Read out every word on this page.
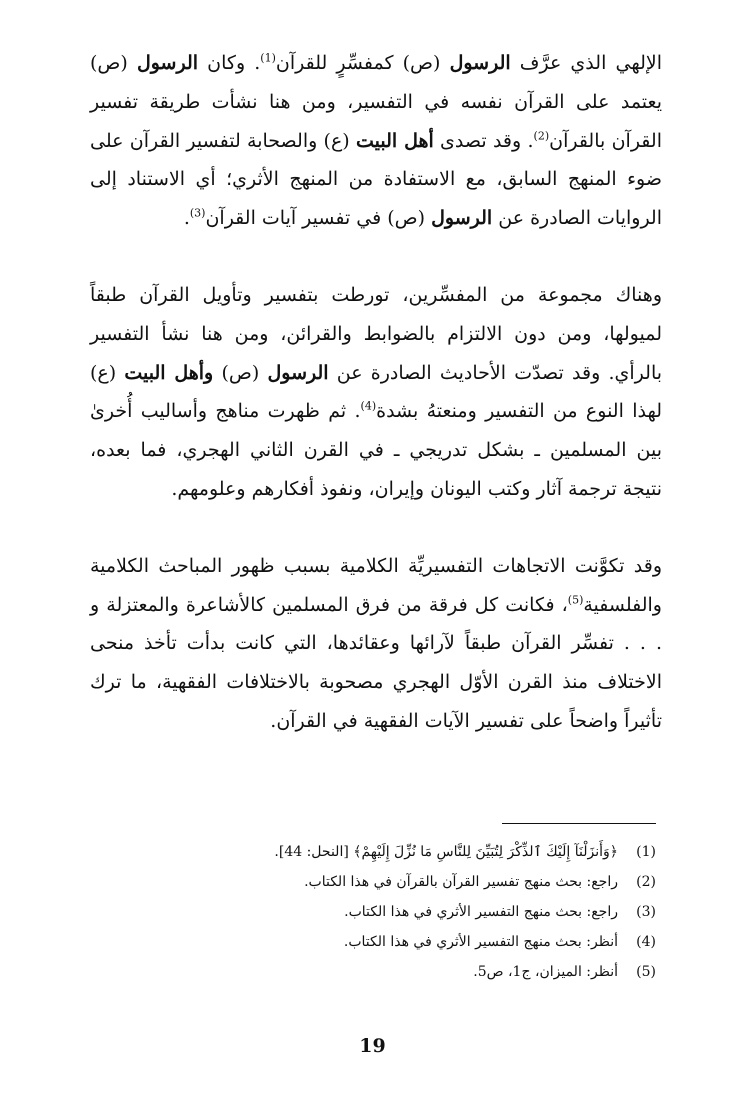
الإلهي الذي عرَّف الرسول (ص) كمفسِّرٍ للقرآن$^{(1)}$. وكان الرسول (ص) يعتمد على القرآن نفسه في التفسير، ومن هنا نشأت طريقة تفسير القرآن بالقرآن$^{(2)}$. وقد تصدى أهل البيت (ع) والصحابة لتفسير القرآن على ضوء المنهج السابق، مع الاستفادة من المنهج الأثري؛ أي الاستناد إلى الروايات الصادرة عن الرسول (ص) في تفسير آيات القرآن$^{(3)}$.

وهناك مجموعة من المفسِّرين، تورطت بتفسير وتأويل القرآن طبقاً لميولها، ومن دون الالتزام بالضوابط والقرائن، ومن هنا نشأ التفسير بالرأي. وقد تصدّت الأحاديث الصادرة عن الرسول (ص) وأهل البيت (ع) لهذا النوع من التفسير ومنعتهُ بشدة$^{(4)}$. ثم ظهرت مناهج وأساليب أُخرىٰ بين المسلمين ـ بشكل تدريجي ـ في القرن الثاني الهجري، فما بعده، نتيجة ترجمة آثار وكتب اليونان وإيران، ونفوذ أفكارهم وعلومهم.

وقد تكوَّنت الاتجاهات التفسيريِّة الكلامية بسبب ظهور المباحث الكلامية والفلسفية$^{(5)}$، فكانت كل فرقة من فرق المسلمين كالأشاعرة والمعتزلة و . . . تفسِّر القرآن طبقاً لآرائها وعقائدها، التي كانت بدأت تأخذ منحى الاختلاف منذ القرن الأوّل الهجري مصحوبة بالاختلافات الفقهية، ما ترك تأثيراً واضحاً على تفسير الآيات الفقهية في القرآن.

(1)
﴿وَأَنزَلْنَآ إِلَيْكَ ٱلذِّكْرَ لِتُبَيِّنَ لِلنَّاسِ مَا نُزِّلَ إِلَيْهِمْ﴾ [النحل: 44].
(2)
راجع: بحث منهج تفسير القرآن بالقرآن في هذا الكتاب.
(3)
راجع: بحث منهج التفسير الأثري في هذا الكتاب.
(4)
أنظر: بحث منهج التفسير الأثري في هذا الكتاب.
(5)
أنظر: الميزان، ج1، ص5.
19
